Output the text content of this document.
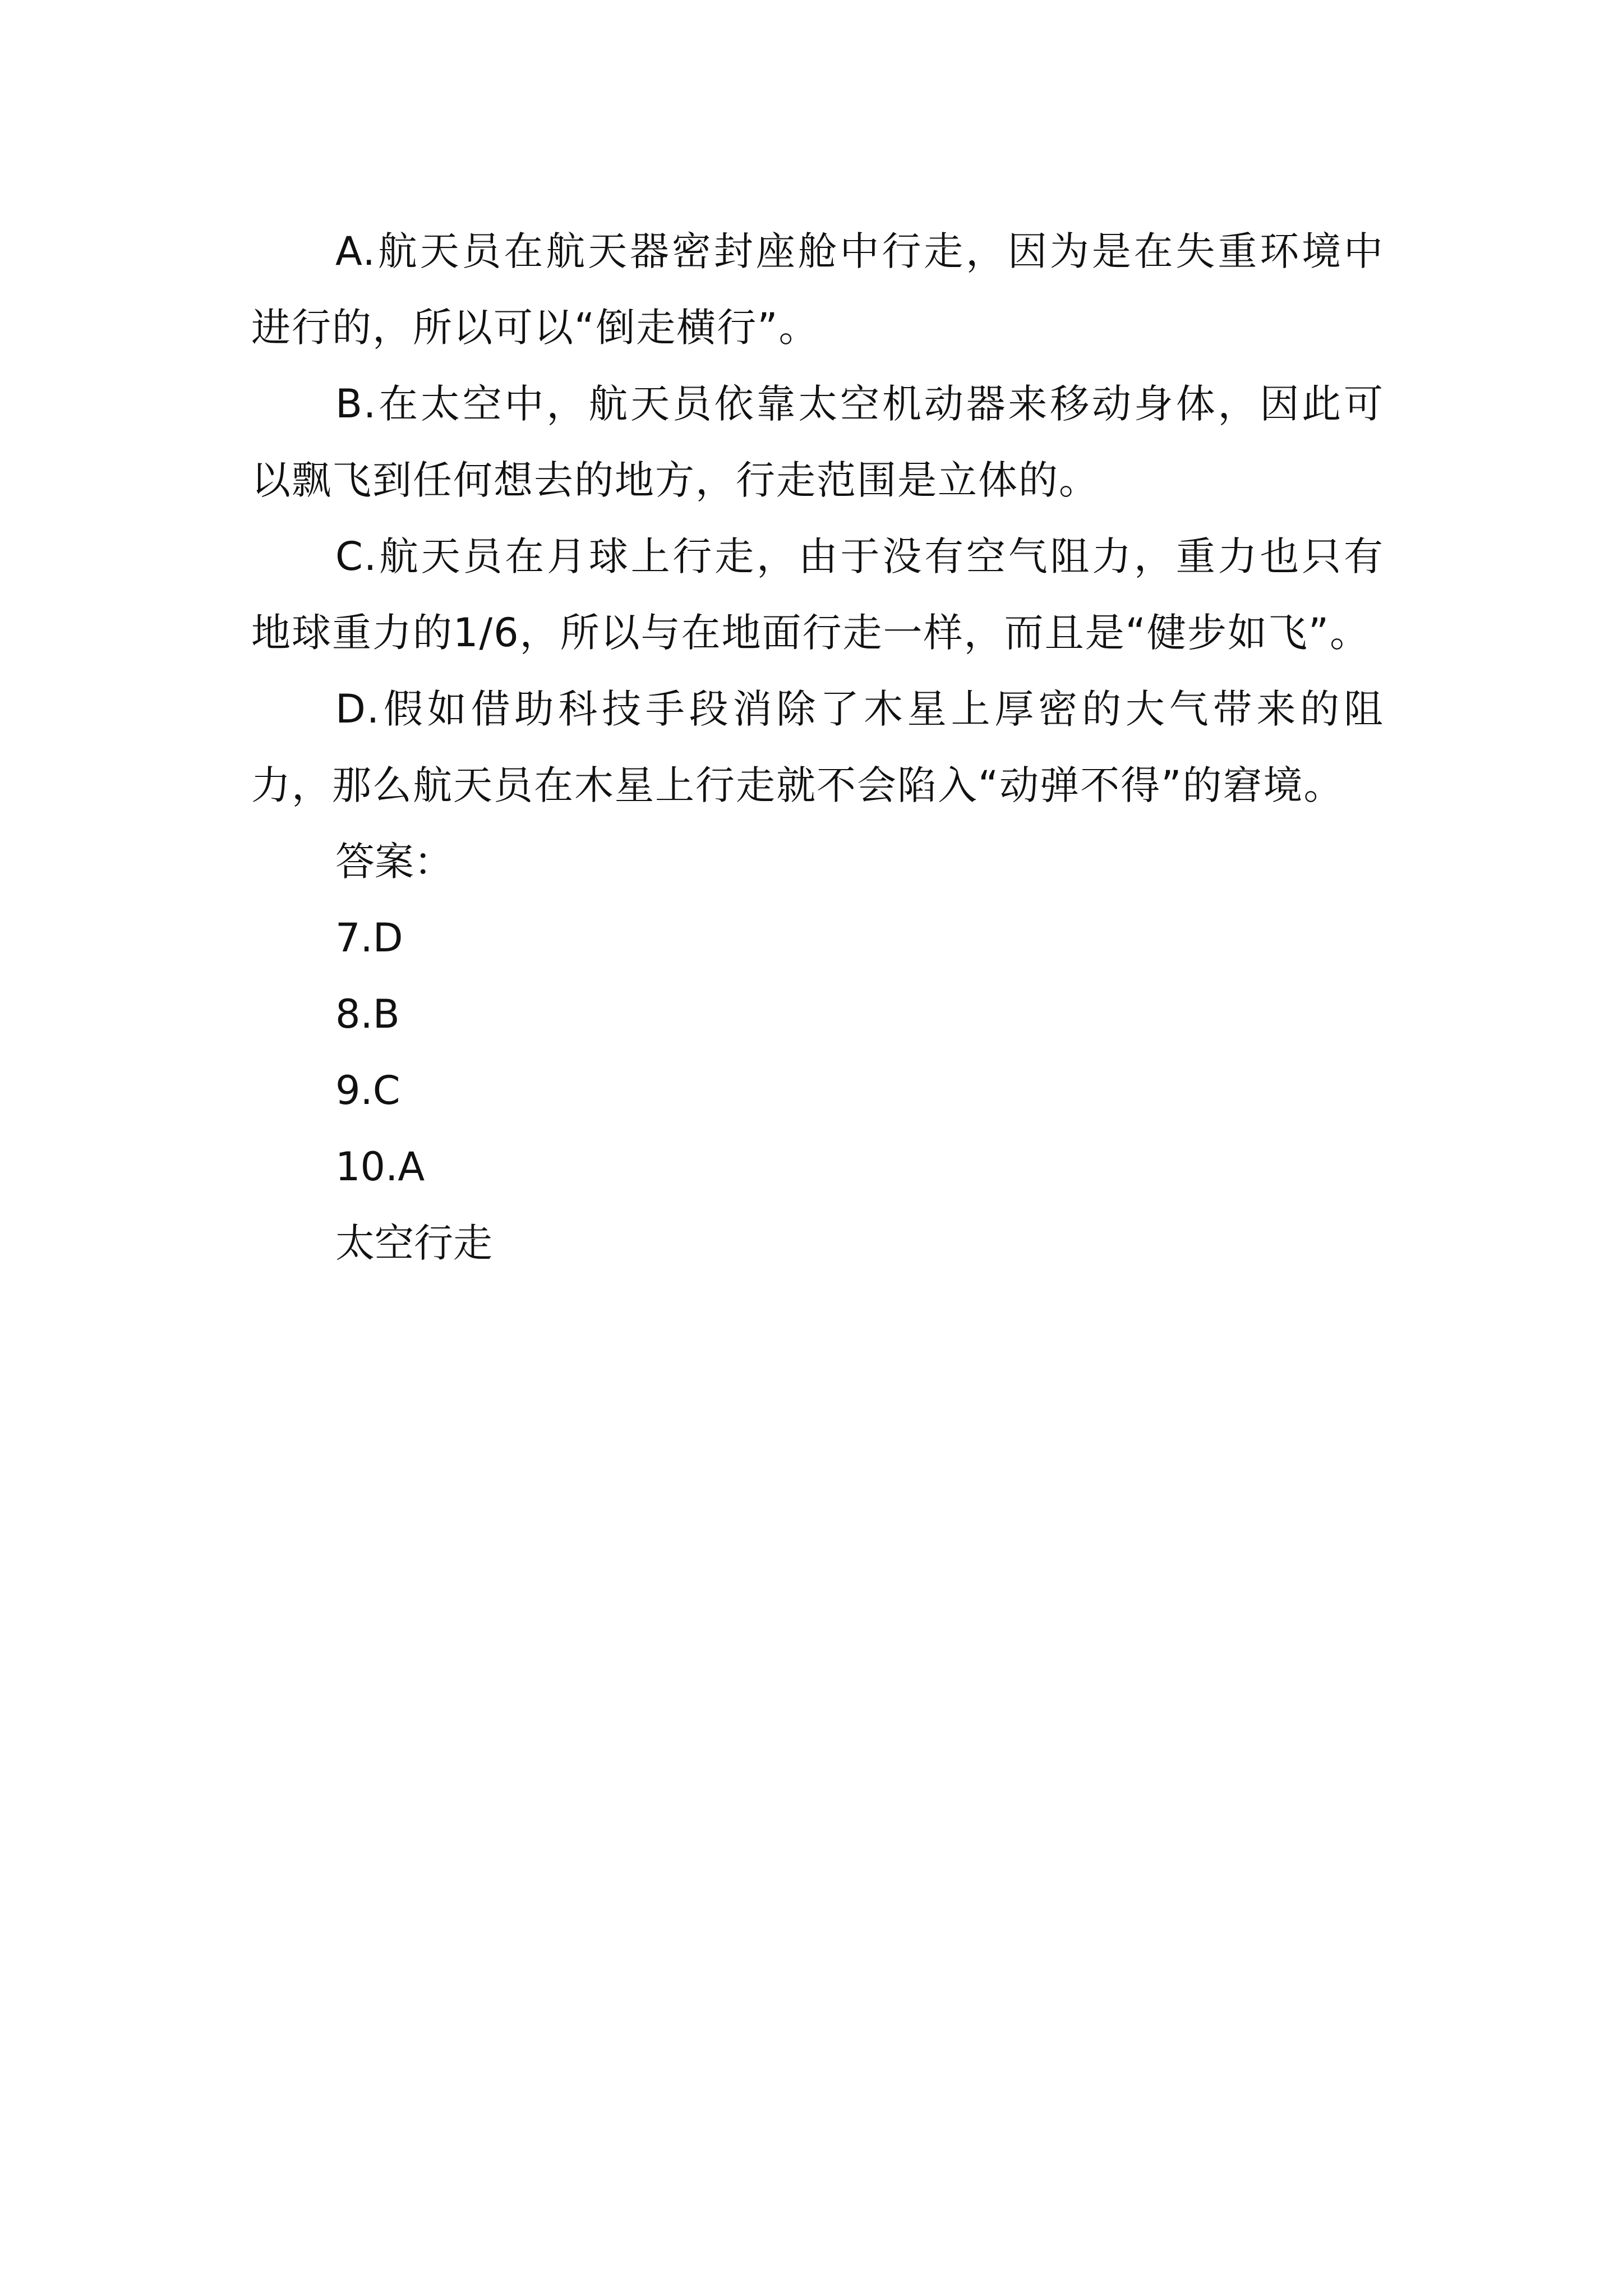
A.航天员在航天器密封座舱中行走，因为是在失重环境中进行的，所以可以“倒走横行”。

B.在太空中，航天员依靠太空机动器来移动身体，因此可以飘飞到任何想去的地方，行走范围是立体的。

C.航天员在月球上行走，由于没有空气阻力，重力也只有地球重力的1/6，所以与在地面行走一样，而且是“健步如飞”。

D.假如借助科技手段消除了木星上厚密的大气带来的阻力，那么航天员在木星上行走就不会陷入“动弹不得”的窘境。

答案：

7.D

8.B

9.C

10.A

太空行走
